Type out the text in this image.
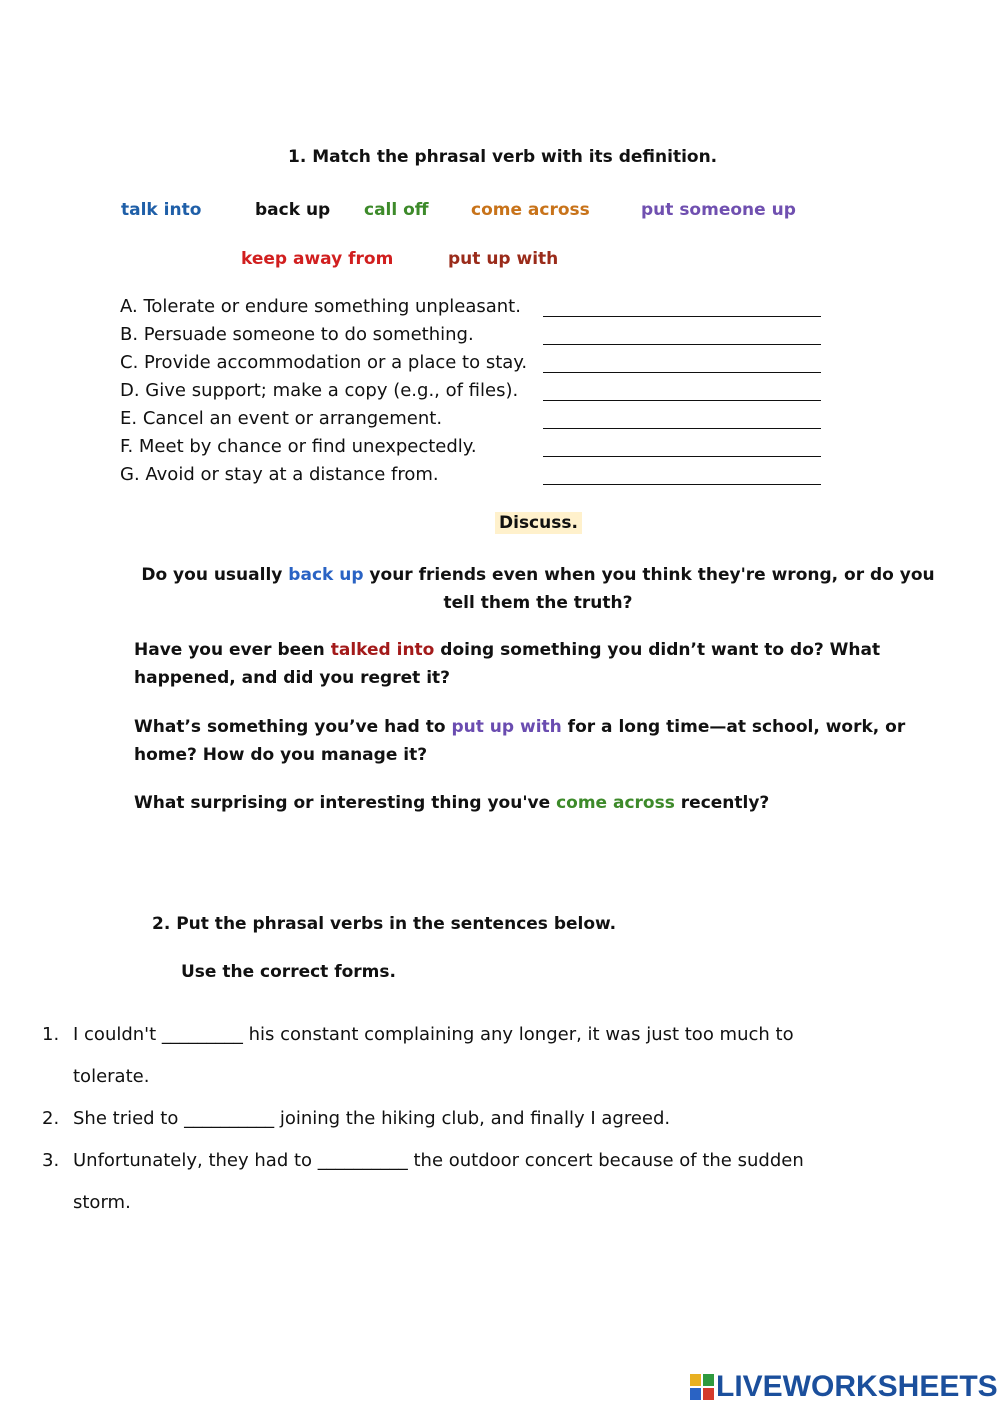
1. Match the phrasal verb with its definition.
talk into	back up call off come across	put someone up
keep away from	put up with
A. Tolerate or endure something unpleasant.
B. Persuade someone to do something.
C. Provide accommodation or a place to stay.
D. Give support; make a copy (e.g., of files).
E. Cancel an event or arrangement.
F. Meet by chance or find unexpectedly.
G. Avoid or stay at a distance from.
Discuss.
Do you usually back up your friends even when you think they're wrong, or do you tell them the truth?
Have you ever been talked into doing something you didn’t want to do? What happened, and did you regret it?
What’s something you’ve had to put up with for a long time—at school, work, or home? How do you manage it?
What surprising or interesting thing you've come across recently?
2. Put the phrasal verbs in the sentences below.
Use the correct forms.
1. I couldn't _________ his constant complaining any longer, it was just too much to
tolerate.
2. She tried to __________ joining the hiking club, and finally I agreed.
3. Unfortunately, they had to __________ the outdoor concert because of the sudden
storm.
LIVEWORKSHEETS
